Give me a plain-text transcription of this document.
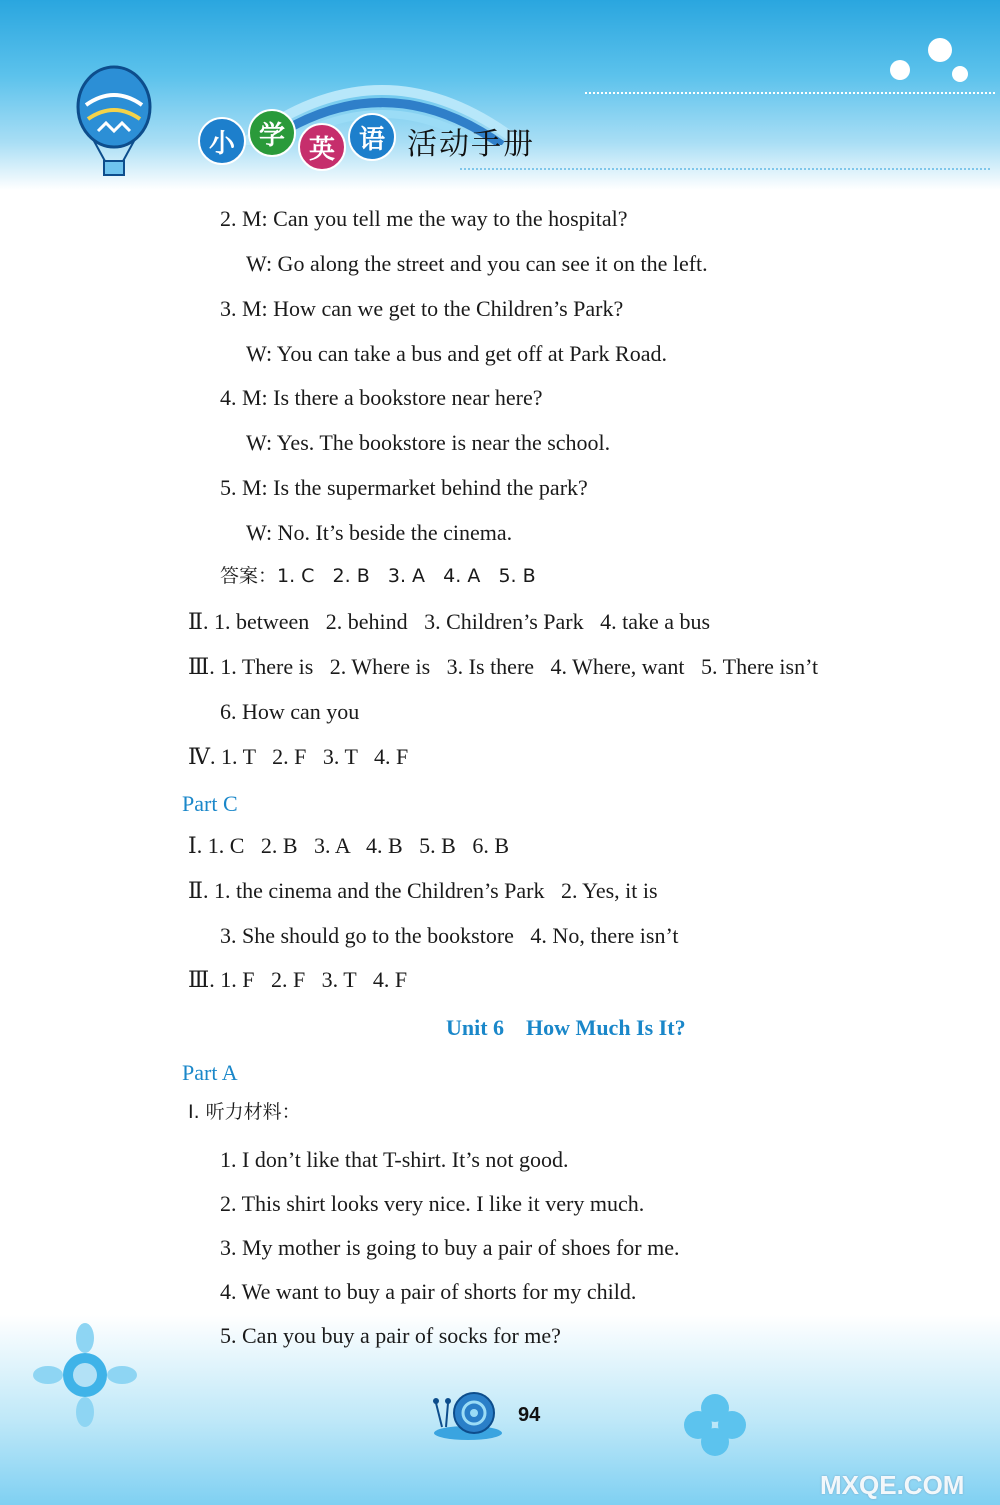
小 学 英 语 活动手册
2. M: Can you tell me the way to the hospital?
W: Go along the street and you can see it on the left.
3. M: How can we get to the Children’s Park?
W: You can take a bus and get off at Park Road.
4. M: Is there a bookstore near here?
W: Yes. The bookstore is near the school.
5. M: Is the supermarket behind the park?
W: No. It’s beside the cinema.
答案：1. C   2. B   3. A   4. A   5. B
Ⅱ. 1. between   2. behind   3. Children’s Park   4. take a bus
Ⅲ. 1. There is   2. Where is   3. Is there   4. Where, want   5. There isn’t
6. How can you
Ⅳ. 1. T   2. F   3. T   4. F
Part C
Ⅰ. 1. C   2. B   3. A   4. B   5. B   6. B
Ⅱ. 1. the cinema and the Children’s Park   2. Yes, it is
3. She should go to the bookstore   4. No, there isn’t
Ⅲ. 1. F   2. F   3. T   4. F
Unit 6    How Much Is It?
Part A
Ⅰ. 听力材料：
1. I don’t like that T-shirt. It’s not good.
2. This shirt looks very nice. I like it very much.
3. My mother is going to buy a pair of shoes for me.
4. We want to buy a pair of shorts for my child.
5. Can you buy a pair of socks for me?
94
MXQE.COM
